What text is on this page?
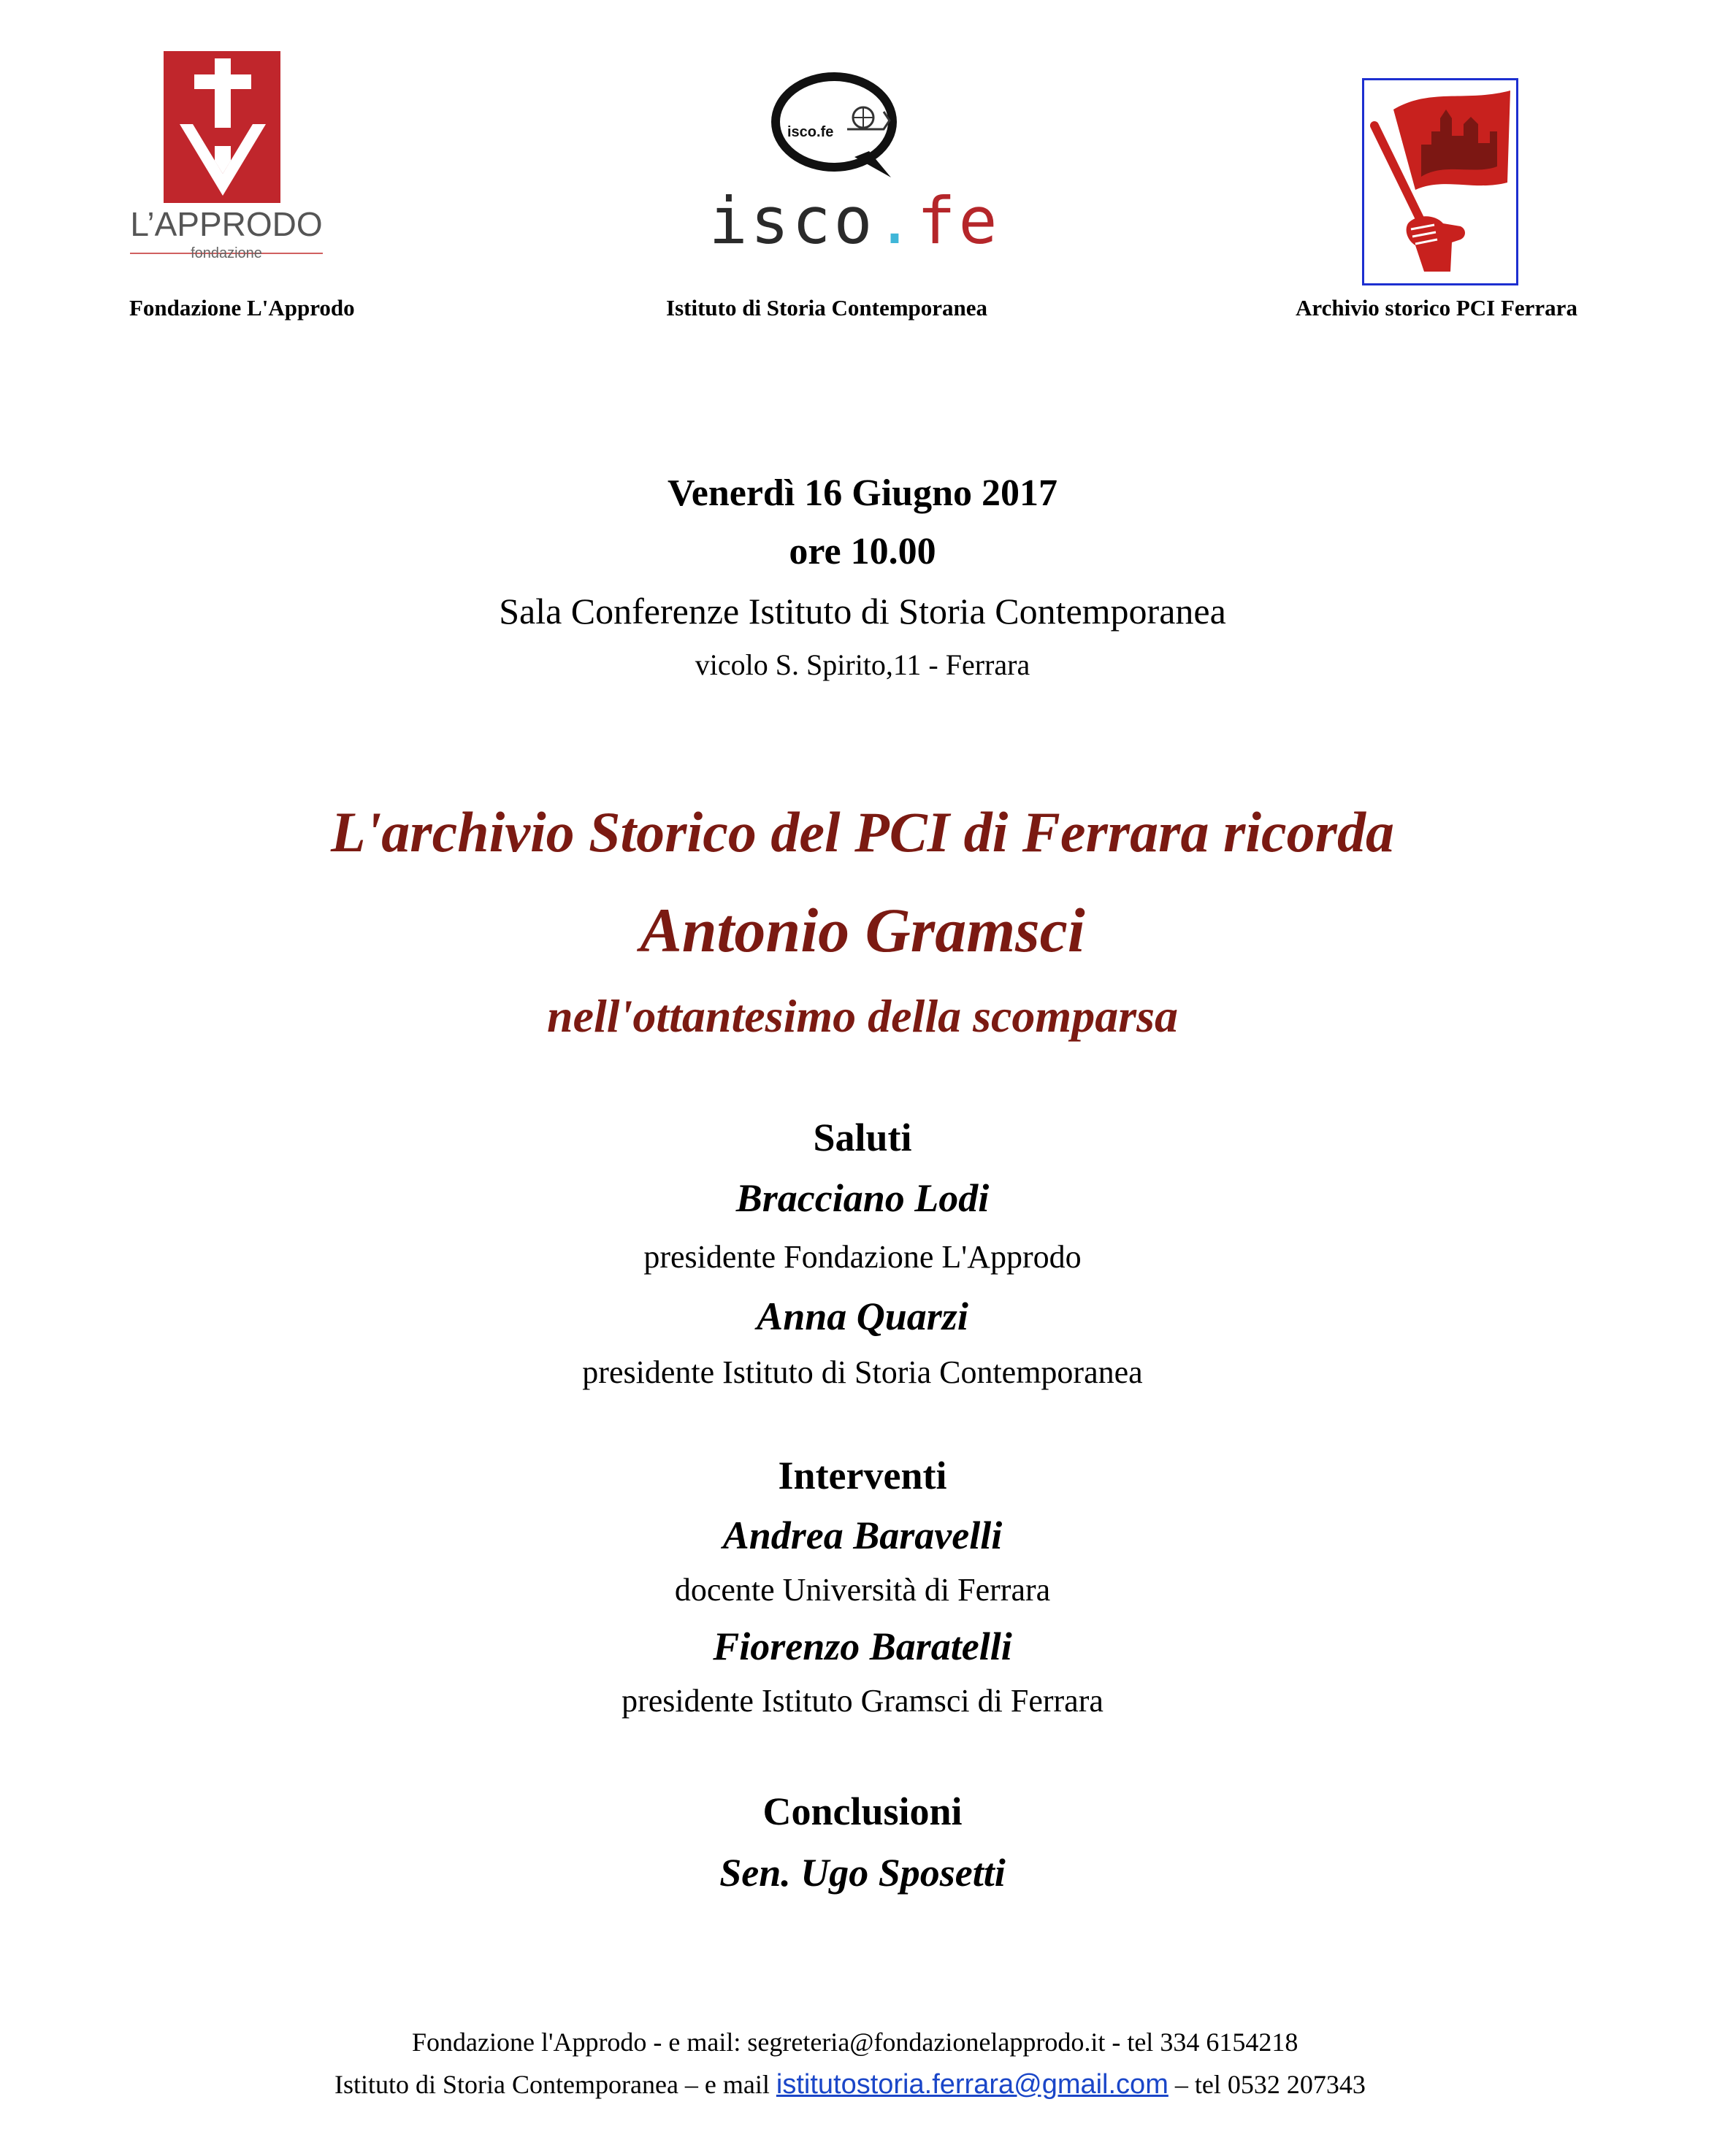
L’APPRODO
fondazione
Fondazione L'Approdo
isco.fe
isco.fe
Istituto di Storia Contemporanea	Archivio storico PCI Ferrara
Venerdì 16 Giugno 2017
ore 10.00
Sala Conferenze Istituto di Storia Contemporanea
vicolo S. Spirito,11 - Ferrara
L'archivio Storico del PCI di Ferrara ricorda
Antonio Gramsci
nell'ottantesimo della scomparsa
Saluti
Bracciano Lodi
presidente Fondazione L'Approdo
Anna Quarzi
presidente Istituto di Storia Contemporanea
Interventi
Andrea Baravelli
docente Università di Ferrara
Fiorenzo Baratelli
presidente Istituto Gramsci di Ferrara
Conclusioni
Sen. Ugo Sposetti
Fondazione l'Approdo - e mail: segreteria@fondazionelapprodo.it - tel 334 6154218
Istituto di Storia Contemporanea – e mail istitutostoria.ferrara@gmail.com – tel 0532 207343
